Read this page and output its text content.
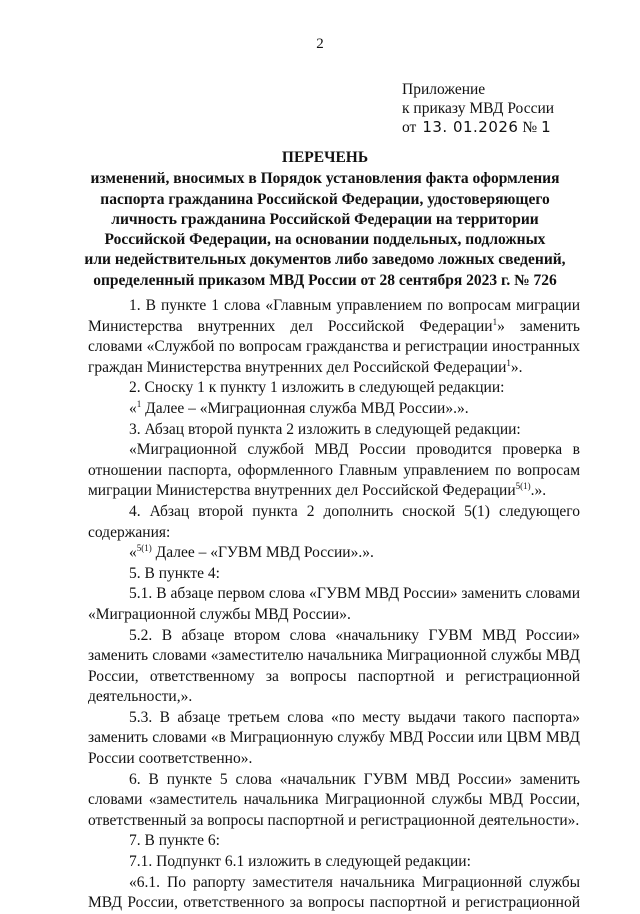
2
Приложение
к приказу МВД России
от 13. 01.2026 № 1
ПЕРЕЧЕНЬ
изменений, вносимых в Порядок установления факта оформления
паспорта гражданина Российской Федерации, удостоверяющего
личность гражданина Российской Федерации на территории
Российской Федерации, на основании поддельных, подложных
или недействительных документов либо заведомо ложных сведений,
определенный приказом МВД России от 28 сентября 2023 г. № 726
1. В пункте 1 слова «Главным управлением по вопросам миграции Министерства внутренних дел Российской Федерации$^1$» заменить словами «Службой по вопросам гражданства и регистрации иностранных граждан Министерства внутренних дел Российской Федерации$^1$».
2. Сноску 1 к пункту 1 изложить в следующей редакции:
«$^1$ Далее – «Миграционная служба МВД России».».
3. Абзац второй пункта 2 изложить в следующей редакции:
«Миграционной службой МВД России проводится проверка в отношении паспорта, оформленного Главным управлением по вопросам миграции Министерства внутренних дел Российской Федерации$^{5(1)}$.».
4. Абзац второй пункта 2 дополнить сноской 5(1) следующего содержания:
«$^{5(1)}$ Далее – «ГУВМ МВД России».».
5. В пункте 4:
5.1. В абзаце первом слова «ГУВМ МВД России» заменить словами «Миграционной службы МВД России».
5.2. В абзаце втором слова «начальнику ГУВМ МВД России» заменить словами «заместителю начальника Миграционной службы МВД России, ответственному за вопросы паспортной и регистрационной деятельности,».
5.3. В абзаце третьем слова «по месту выдачи такого паспорта» заменить словами «в Миграционную службу МВД России или ЦВМ МВД России соответственно».
6. В пункте 5 слова «начальник ГУВМ МВД России» заменить словами «заместитель начальника Миграционной службы МВД России, ответственный за вопросы паспортной и регистрационной деятельности».
7. В пункте 6:
7.1. Подпункт 6.1 изложить в следующей редакции:
«6.1. По рапорту заместителя начальника Миграционной службы МВД России, ответственного за вопросы паспортной и регистрационной
